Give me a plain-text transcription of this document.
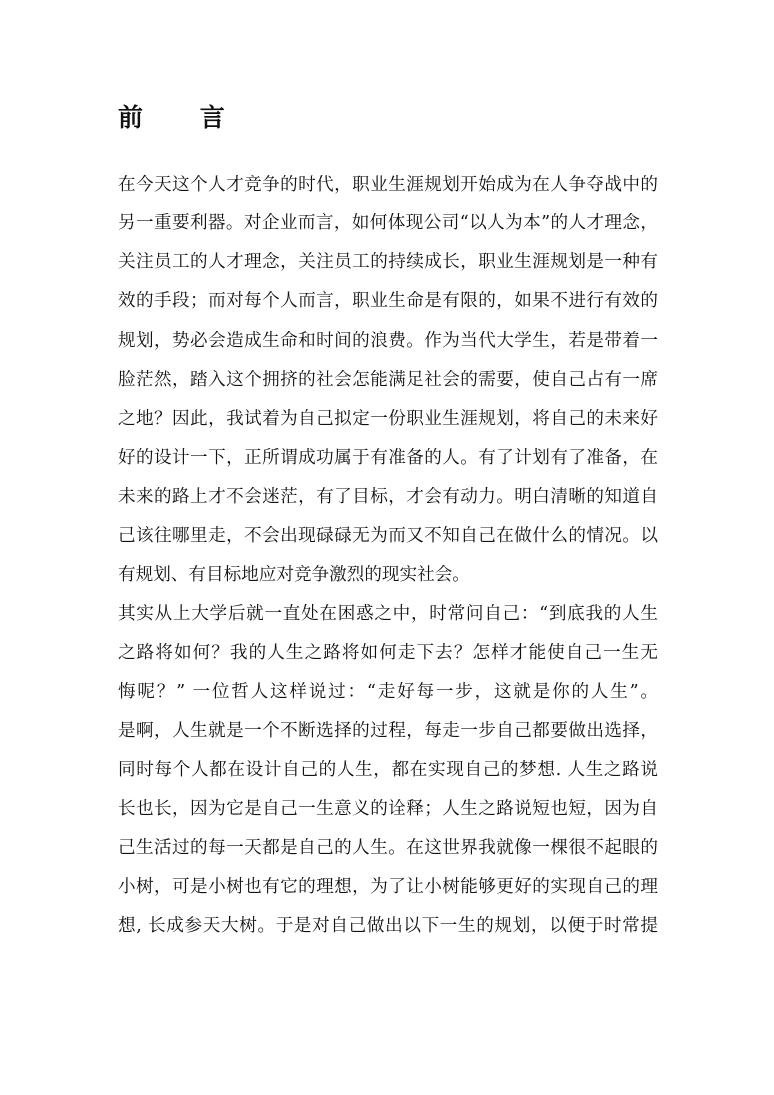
前 言
在今天这个人才竞争的时代，职业生涯规划开始成为在人争夺战中的
另一重要利器。对企业而言，如何体现公司“以人为本”的人才理念，
关注员工的人才理念，关注员工的持续成长，职业生涯规划是一种有
效的手段；而对每个人而言，职业生命是有限的，如果不进行有效的
规划，势必会造成生命和时间的浪费。作为当代大学生，若是带着一
脸茫然，踏入这个拥挤的社会怎能满足社会的需要，使自己占有一席
之地？因此，我试着为自己拟定一份职业生涯规划，将自己的未来好
好的设计一下，正所谓成功属于有准备的人。有了计划有了准备，在
未来的路上才不会迷茫，有了目标，才会有动力。明白清晰的知道自
己该往哪里走，不会出现碌碌无为而又不知自己在做什么的情况。以
有规划、有目标地应对竞争激烈的现实社会。
其实从上大学后就一直处在困惑之中，时常问自己：“到底我的人生
之路将如何？我的人生之路将如何走下去？怎样才能使自己一生无
悔呢？” 一位哲人这样说过：“走好每一步，这就是你的人生”。
是啊，人生就是一个不断选择的过程，每走一步自己都要做出选择，
同时每个人都在设计自己的人生，都在实现自己的梦想. 人生之路说
长也长，因为它是自己一生意义的诠释；人生之路说短也短，因为自
己生活过的每一天都是自己的人生。在这世界我就像一棵很不起眼的
小树，可是小树也有它的理想，为了让小树能够更好的实现自己的理
想, 长成参天大树。于是对自己做出以下一生的规划，以便于时常提
